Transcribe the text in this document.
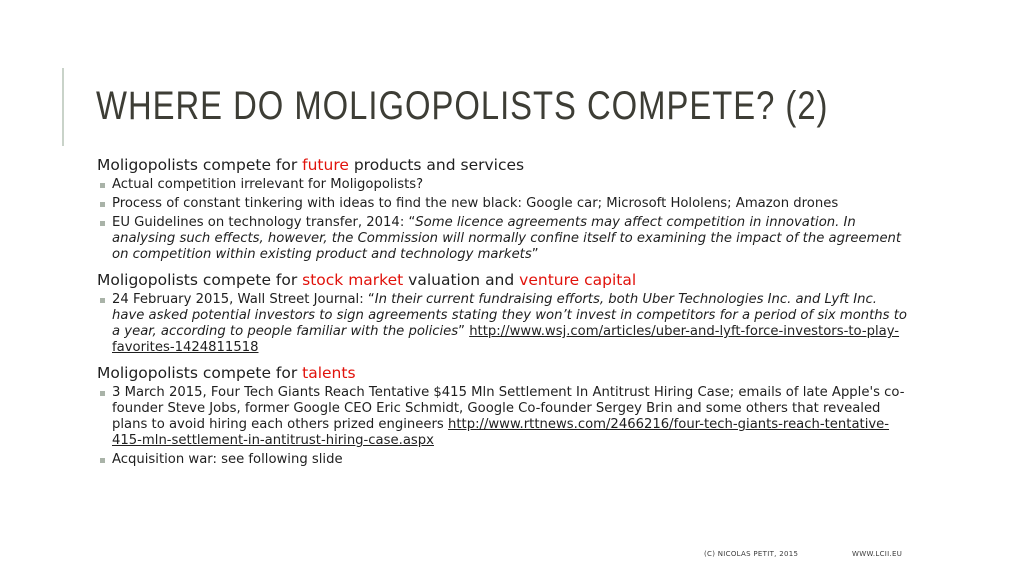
WHERE DO MOLIGOPOLISTS COMPETE? (2)
Moligopolists compete for future products and services
Actual competition irrelevant for Moligopolists?
Process of constant tinkering with ideas to find the new black: Google car; Microsoft Hololens; Amazon drones
EU Guidelines on technology transfer, 2014: “Some licence agreements may affect competition in innovation. In analysing such effects, however, the Commission will normally confine itself to examining the impact of the agreement on competition within existing product and technology markets”
Moligopolists compete for stock market valuation and venture capital
24 February 2015, Wall Street Journal: “In their current fundraising efforts, both Uber Technologies Inc. and Lyft Inc. have asked potential investors to sign agreements stating they won’t invest in competitors for a period of six months to a year, according to people familiar with the policies” http://www.wsj.com/articles/uber-and-lyft-force-investors-to-play-favorites-1424811518
Moligopolists compete for talents
3 March 2015, Four Tech Giants Reach Tentative $415 Mln Settlement In Antitrust Hiring Case; emails of late Apple's co-founder Steve Jobs, former Google CEO Eric Schmidt, Google Co-founder Sergey Brin and some others that revealed plans to avoid hiring each others prized engineers http://www.rttnews.com/2466216/four-tech-giants-reach-tentative-415-mln-settlement-in-antitrust-hiring-case.aspx
Acquisition war: see following slide
(C) NICOLAS PETIT, 2015	WWW.LCII.EU
